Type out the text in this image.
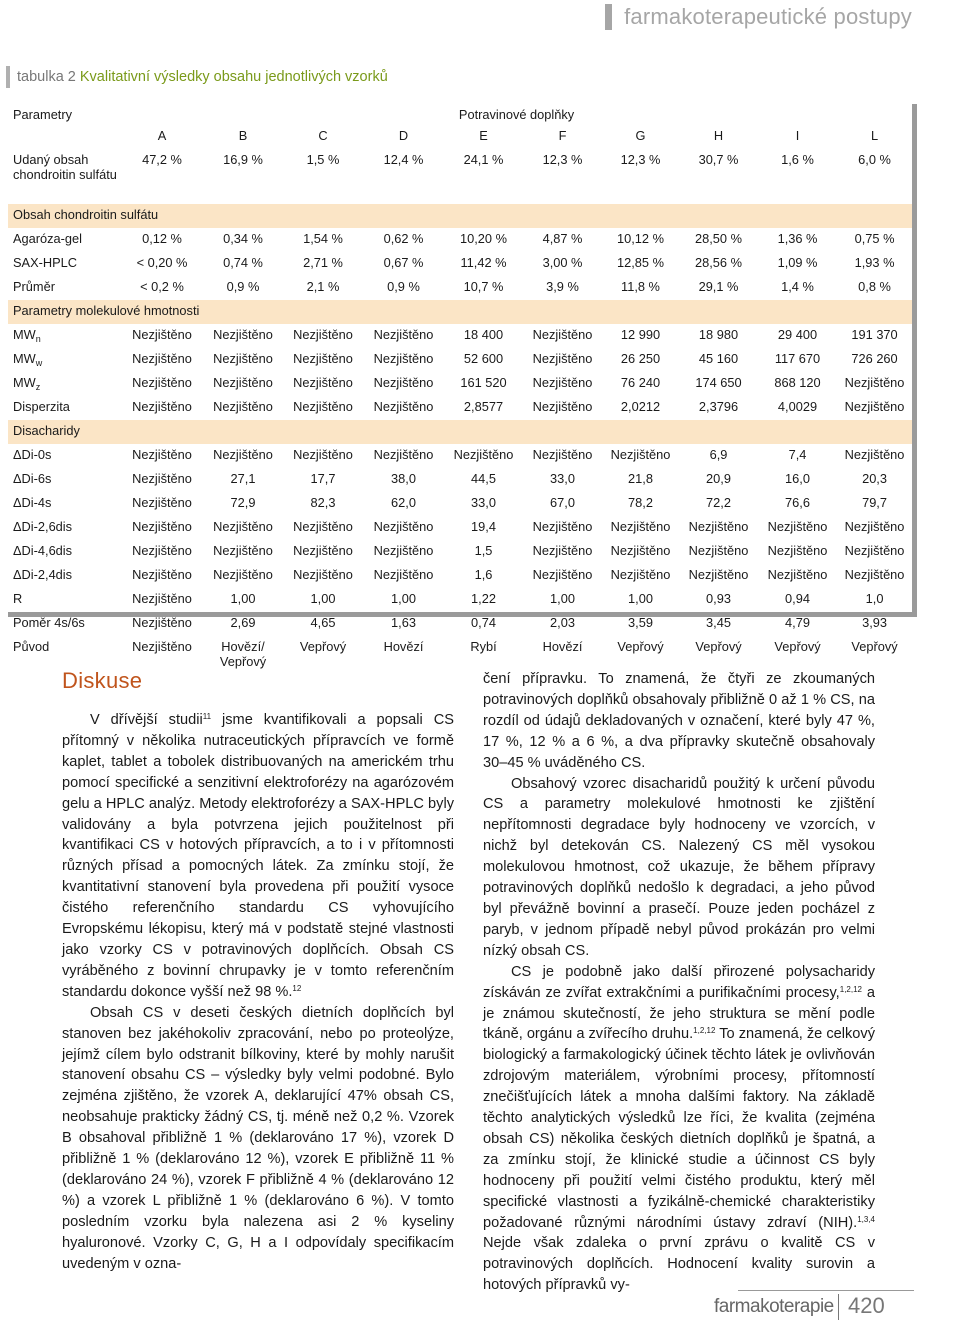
farmakoterapeutické postupy
tabulka 2 Kvalitativní výsledky obsahu jednotlivých vzorků
Parametry	Potravinové doplňky									
	A	B	C	D	E	F	G	H	I	L
Udaný obsah chondroitin sulfátu	47,2 %	16,9 %	1,5 %	12,4 %	24,1 %	12,3 %	12,3 %	30,7 %	1,6 %	6,0 %
Obsah chondroitin sulfátu										
Agaróza-gel	0,12 %	0,34 %	1,54 %	0,62 %	10,20 %	4,87 %	10,12 %	28,50 %	1,36 %	0,75 %
SAX-HPLC	< 0,20 %	0,74 %	2,71 %	0,67 %	11,42 %	3,00 %	12,85 %	28,56 %	1,09 %	1,93 %
Průměr	< 0,2 %	0,9 %	2,1 %	0,9 %	10,7 %	3,9 %	11,8 %	29,1 %	1,4 %	0,8 %
Parametry molekulové hmotnosti										
$MW_n$	Nezjištěno	Nezjištěno	Nezjištěno	Nezjištěno	18 400	Nezjištěno	12 990	18 980	29 400	191 370
$MW_w$	Nezjištěno	Nezjištěno	Nezjištěno	Nezjištěno	52 600	Nezjištěno	26 250	45 160	117 670	726 260
$MW_z$	Nezjištěno	Nezjištěno	Nezjištěno	Nezjištěno	161 520	Nezjištěno	76 240	174 650	868 120	Nezjištěno
Disperzita	Nezjištěno	Nezjištěno	Nezjištěno	Nezjištěno	2,8577	Nezjištěno	2,0212	2,3796	4,0029	Nezjištěno
Disacharidy										
ΔDi-0s	Nezjištěno	Nezjištěno	Nezjištěno	Nezjištěno	Nezjištěno	Nezjištěno	Nezjištěno	6,9	7,4	Nezjištěno
ΔDi-6s	Nezjištěno	27,1	17,7	38,0	44,5	33,0	21,8	20,9	16,0	20,3
ΔDi-4s	Nezjištěno	72,9	82,3	62,0	33,0	67,0	78,2	72,2	76,6	79,7
ΔDi-2,6dis	Nezjištěno	Nezjištěno	Nezjištěno	Nezjištěno	19,4	Nezjištěno	Nezjištěno	Nezjištěno	Nezjištěno	Nezjištěno
ΔDi-4,6dis	Nezjištěno	Nezjištěno	Nezjištěno	Nezjištěno	1,5	Nezjištěno	Nezjištěno	Nezjištěno	Nezjištěno	Nezjištěno
ΔDi-2,4dis	Nezjištěno	Nezjištěno	Nezjištěno	Nezjištěno	1,6	Nezjištěno	Nezjištěno	Nezjištěno	Nezjištěno	Nezjištěno
R	Nezjištěno	1,00	1,00	1,00	1,22	1,00	1,00	0,93	0,94	1,0
Poměr 4s/6s	Nezjištěno	2,69	4,65	1,63	0,74	2,03	3,59	3,45	4,79	3,93
Původ	Nezjištěno	Hovězí/ Vepřový	Vepřový	Hovězí	Rybí	Hovězí	Vepřový	Vepřový	Vepřový	Vepřový
Diskuse

V dřívější studii$^{11}$ jsme kvantifikovali a popsali CS přítomný v několika nutraceutických přípravcích ve formě kaplet, tablet a tobolek distribuovaných na americkém trhu pomocí specifické a senzitivní elektroforézy na agarózovém gelu a HPLC analýz. Metody elektroforézy a SAX-HPLC byly validovány a byla potvrzena jejich použitelnost při kvantifikaci CS v hotových přípravcích, a to i v přítomnosti různých přísad a pomocných látek. Za zmínku stojí, že kvantitativní stanovení byla provedena při použití vysoce čistého referenčního standardu CS vyhovujícího Evropskému lékopisu, který má v podstatě stejné vlastnosti jako vzorky CS v potravinových doplňcích. Obsah CS vyráběného z bovinní chrupavky je v tomto referenčním standardu dokonce vyšší než 98 %.$^{12}$

Obsah CS v deseti českých dietních doplňcích byl stanoven bez jakéhokoliv zpracování, nebo po proteolýze, jejímž cílem bylo odstranit bílkoviny, které by mohly narušit stanovení obsahu CS – výsledky byly velmi podobné. Bylo zejména zjištěno, že vzorek A, deklarující 47% obsah CS, neobsahuje prakticky žádný CS, tj. méně než 0,2 %. Vzorek B obsahoval přibližně 1 % (deklarováno 17 %), vzorek D přibližně 1 % (deklarováno 12 %), vzorek E přibližně 11 % (deklarováno 24 %), vzorek F přibližně 4 % (deklarováno 12 %) a vzorek L přibližně 1 % (deklarováno 6 %). V tomto posledním vzorku byla nalezena asi 2 % kyseliny hyaluronové. Vzorky C, G, H a I odpovídaly specifikacím uvedeným v ozna-

čení přípravku. To znamená, že čtyři ze zkoumaných potravinových doplňků obsahovaly přibližně 0 až 1 % CS, na rozdíl od údajů dekladovaných v označení, které byly 47 %, 17 %, 12 % a 6 %, a dva přípravky skutečně obsahovaly 30–45 % uváděného CS.

Obsahový vzorec disacharidů použitý k určení původu CS a parametry molekulové hmotnosti ke zjištění nepřítomnosti degradace byly hodnoceny ve vzorcích, v nichž byl detekován CS. Nalezený CS měl vysokou molekulovou hmotnost, což ukazuje, že během přípravy potravinových doplňků nedošlo k degradaci, a jeho původ byl převážně bovinní a prasečí. Pouze jeden pocházel z paryb, v jednom případě nebyl původ prokázán pro velmi nízký obsah CS.

CS je podobně jako další přirozené polysacharidy získáván ze zvířat extrakčními a purifikačními procesy,$^{1,2,12}$ a je známou skutečností, že jeho struktura se mění podle tkáně, orgánu a zvířecího druhu.$^{1,2,12}$ To znamená, že celkový biologický a farmakologický účinek těchto látek je ovlivňován zdrojovým materiálem, výrobními procesy, přítomností znečišťujících látek a mnoha dalšími faktory. Na základě těchto analytických výsledků lze říci, že kvalita (zejména obsah CS) několika českých dietních doplňků je špatná, a za zmínku stojí, že klinické studie a účinnost CS byly hodnoceny při použití velmi čistého produktu, který měl specifické vlastnosti a fyzikálně-chemické charakteristiky požadované různými národními ústavy zdraví (NIH).$^{1,3,4}$ Nejde však zdaleka o první zprávu o kvalitě CS v potravinových doplňcích. Hodnocení kvality surovin a hotových přípravků vy-

farmakoterapie 420
